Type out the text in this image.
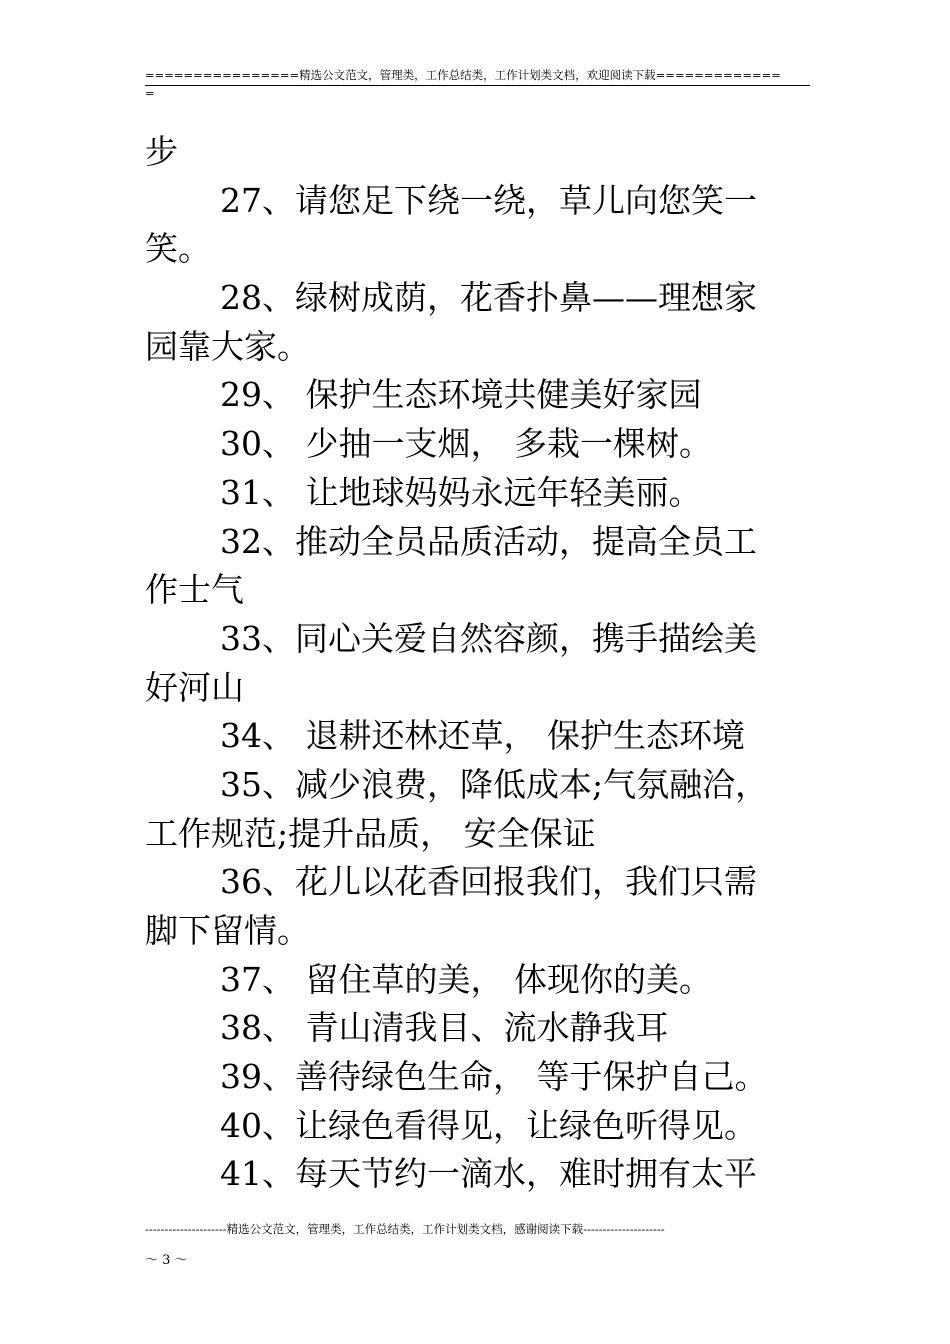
================精选公文范文，管理类，工作总结类，工作计划类文档，欢迎阅读下载=============
=
步
27、请您足下绕一绕，草儿向您笑一
笑。
28、绿树成荫，花香扑鼻——理想家
园靠大家。
29、 保护生态环境共健美好家园
30、 少抽一支烟， 多栽一棵树。
31、 让地球妈妈永远年轻美丽。
32、推动全员品质活动，提高全员工
作士气
33、同心关爱自然容颜，携手描绘美
好河山
34、 退耕还林还草， 保护生态环境
35、减少浪费，降低成本;气氛融洽，
工作规范;提升品质， 安全保证
36、花儿以花香回报我们，我们只需
脚下留情。
37、 留住草的美， 体现你的美。
38、 青山清我目、流水静我耳
39、善待绿色生命， 等于保护自己。
40、让绿色看得见，让绿色听得见。
41、每天节约一滴水，难时拥有太平
---------------------精选公文范文，管理类，工作总结类，工作计划类文档，感谢阅读下载---------------------
～ 3 ～
